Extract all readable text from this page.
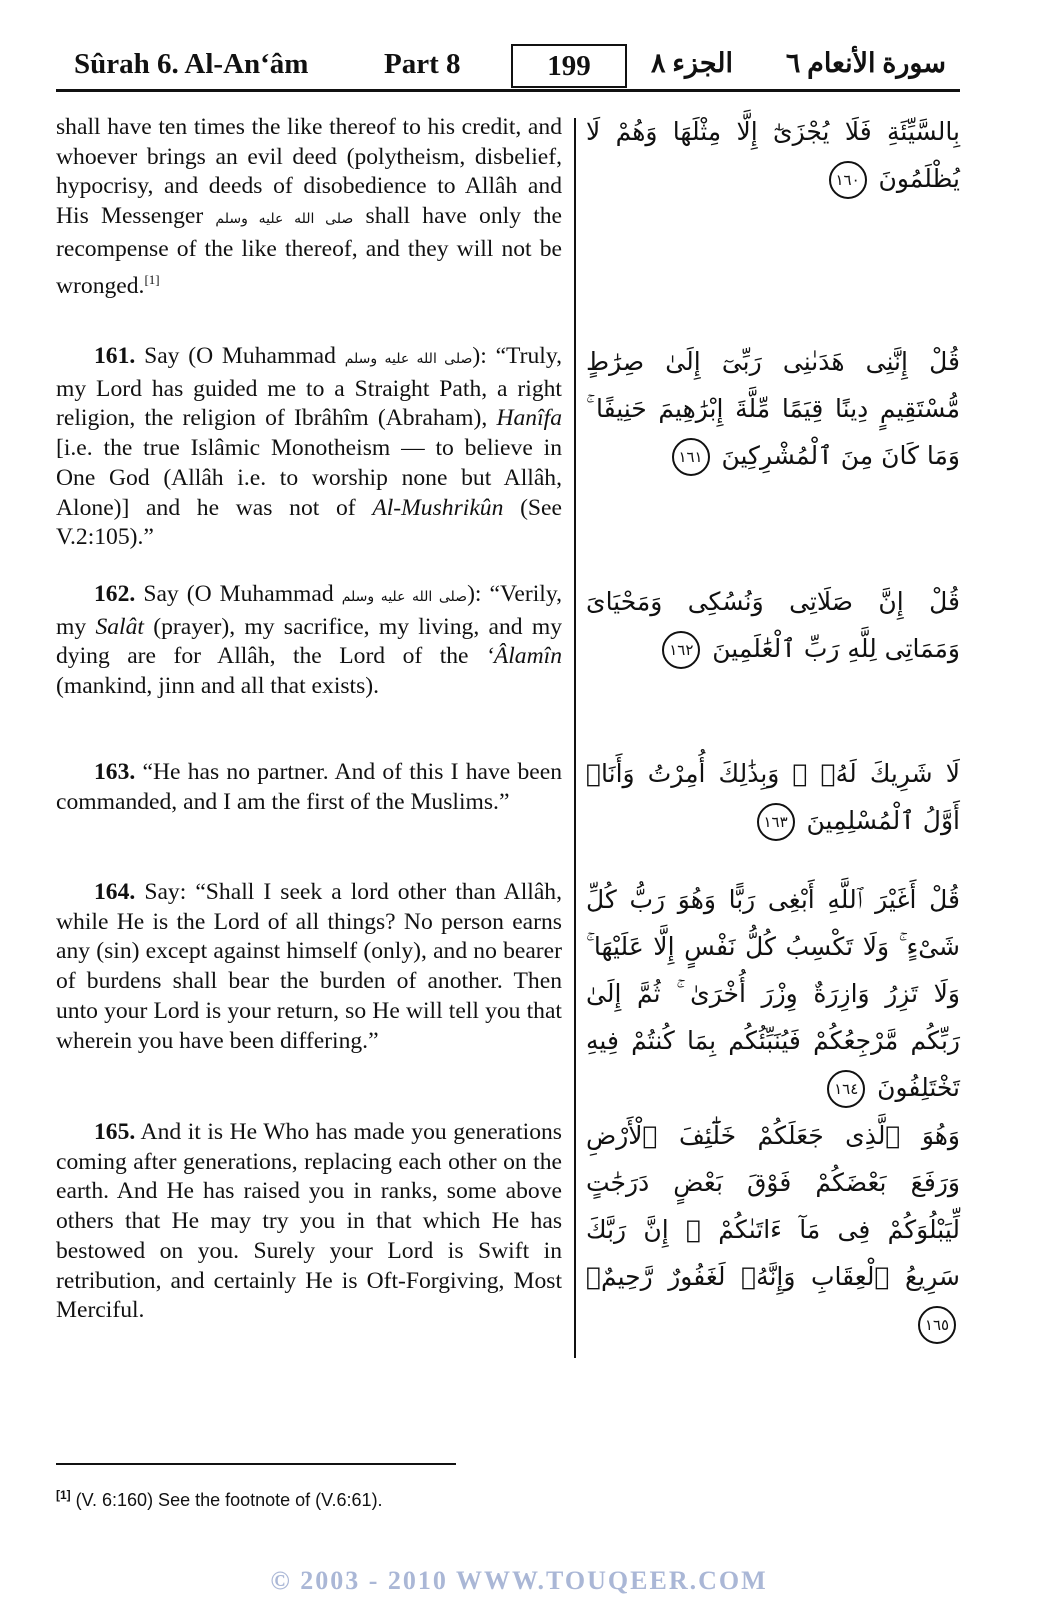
Sûrah 6. Al-An‘âm	Part 8	199	الجزء ٨ سورة الأنعام ٦

shall have ten times the like thereof to his credit, and whoever brings an evil deed (polytheism, disbelief, hypocrisy, and deeds of disobedience to Allâh and His Messenger صلى الله عليه وسلم shall have only the recompense of the like thereof, and they will not be wronged.[1]

161. Say (O Muhammad صلى الله عليه وسلم): “Truly, my Lord has guided me to a Straight Path, a right religion, the religion of Ibrâhîm (Abraham), Hanîfa [i.e. the true Islâmic Monotheism — to believe in One God (Allâh i.e. to worship none but Allâh, Alone)] and he was not of Al-Mushrikûn (See V.2:105).”

162. Say (O Muhammad صلى الله عليه وسلم): “Verily, my Salât (prayer), my sacrifice, my living, and my dying are for Allâh, the Lord of the ‘Âlamîn (mankind, jinn and all that exists).

163. “He has no partner. And of this I have been commanded, and I am the first of the Muslims.”

164. Say: “Shall I seek a lord other than Allâh, while He is the Lord of all things? No person earns any (sin) except against himself (only), and no bearer of burdens shall bear the burden of another. Then unto your Lord is your return, so He will tell you that wherein you have been differing.”

165. And it is He Who has made you generations coming after generations, replacing each other on the earth. And He has raised you in ranks, some above others that He may try you in that which He has bestowed on you. Surely your Lord is Swift in retribution, and certainly He is Oft-Forgiving, Most Merciful.

بِالسَّيِّئَةِ فَلَا يُجْزَىٰٓ إِلَّا مِثْلَهَا وَهُمْ لَا يُظْلَمُونَ ١٦٠

قُلْ إِنَّنِى هَدَىٰنِى رَبِّىٓ إِلَىٰ صِرَٰطٍ مُّسْتَقِيمٍ دِينًا قِيَمًا مِّلَّةَ إِبْرَٰهِيمَ حَنِيفًا ۚ وَمَا كَانَ مِنَ ٱلْمُشْرِكِينَ ١٦١

قُلْ إِنَّ صَلَاتِى وَنُسُكِى وَمَحْيَاىَ وَمَمَاتِى لِلَّهِ رَبِّ ٱلْعَٰلَمِينَ ١٦٢

لَا شَرِيكَ لَهُۥ ۖ وَبِذَٰلِكَ أُمِرْتُ وَأَنَا۠ أَوَّلُ ٱلْمُسْلِمِينَ ١٦٣

قُلْ أَغَيْرَ ٱللَّهِ أَبْغِى رَبًّا وَهُوَ رَبُّ كُلِّ شَىْءٍ ۚ وَلَا تَكْسِبُ كُلُّ نَفْسٍ إِلَّا عَلَيْهَا ۚ وَلَا تَزِرُ وَازِرَةٌ وِزْرَ أُخْرَىٰ ۚ ثُمَّ إِلَىٰ رَبِّكُم مَّرْجِعُكُمْ فَيُنَبِّئُكُم بِمَا كُنتُمْ فِيهِ تَخْتَلِفُونَ ١٦٤

وَهُوَ ٱلَّذِى جَعَلَكُمْ خَلَٰٓئِفَ ٱلْأَرْضِ وَرَفَعَ بَعْضَكُمْ فَوْقَ بَعْضٍ دَرَجَٰتٍ لِّيَبْلُوَكُمْ فِى مَآ ءَاتَىٰكُمْ ۗ إِنَّ رَبَّكَ سَرِيعُ ٱلْعِقَابِ وَإِنَّهُۥ لَغَفُورٌ رَّحِيمٌۢ ١٦٥

[1] (V. 6:160) See the footnote of (V.6:61).
© 2003 - 2010 WWW.TOUQEER.COM
